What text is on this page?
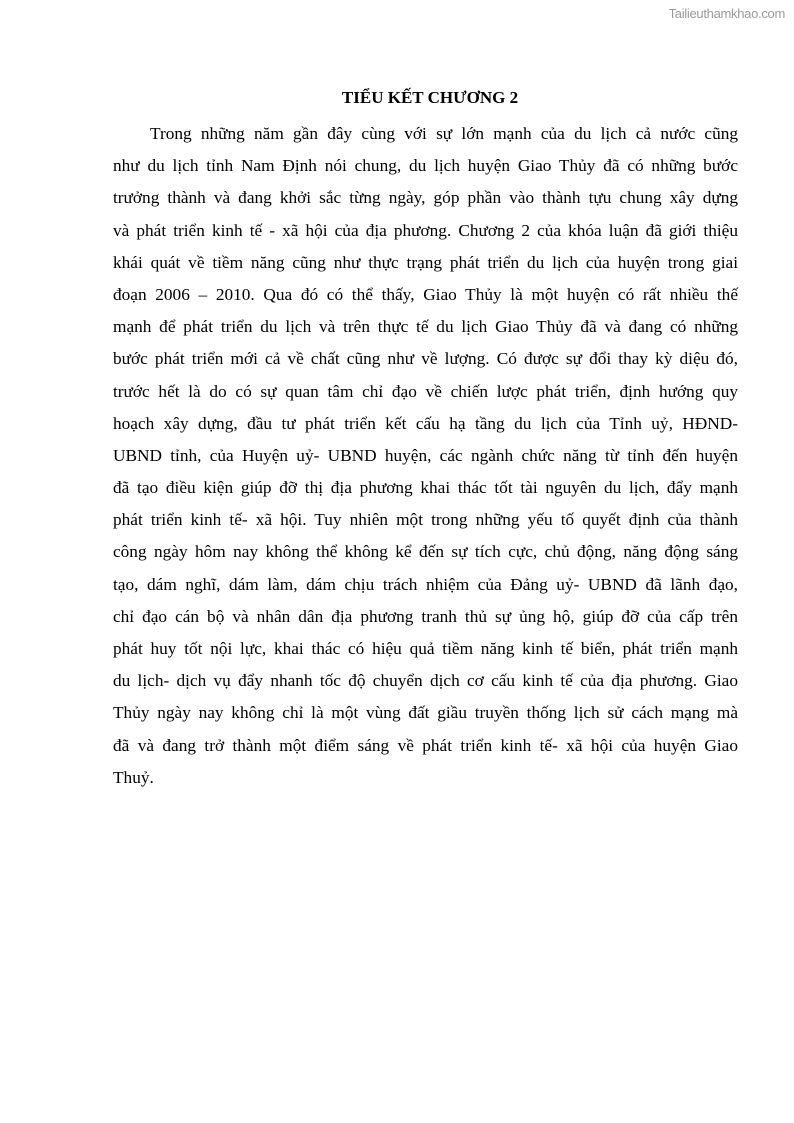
Tailieuthamkhao.com
TIỂU KẾT CHƯƠNG 2
Trong những năm gần đây cùng với sự lớn mạnh của du lịch cả nước cũng
như du lịch tỉnh Nam Định nói chung, du lịch huyện Giao Thủy đã có những bước
trưởng thành và đang khởi sắc từng ngày, góp phần vào thành tựu chung xây dựng
và phát triển kinh tế - xã hội của địa phương. Chương 2 của khóa luận đã giới thiệu
khái quát về tiềm năng cũng như thực trạng phát triển du lịch của huyện trong giai
đoạn 2006 – 2010. Qua đó có thể thấy, Giao Thủy là một huyện có rất nhiều thế
mạnh để phát triển du lịch và trên thực tế du lịch Giao Thủy đã và đang có những
bước phát triển mới cả về chất cũng như về lượng. Có được sự đổi thay kỳ diệu đó,
trước hết là do có sự quan tâm chỉ đạo về chiến lược phát triển, định hướng quy
hoạch xây dựng, đầu tư phát triển kết cấu hạ tầng du lịch của Tỉnh uỷ, HĐND-
UBND tỉnh, của Huyện uỷ- UBND huyện, các ngành chức năng từ tỉnh đến huyện
đã tạo điều kiện giúp đỡ thị địa phương khai thác tốt tài nguyên du lịch, đẩy mạnh
phát triển kinh tế- xã hội. Tuy nhiên một trong những yếu tố quyết định của thành
công ngày hôm nay không thể không kể đến sự tích cực, chủ động, năng động sáng
tạo, dám nghĩ, dám làm, dám chịu trách nhiệm của Đảng uỷ- UBND đã lãnh đạo,
chỉ đạo cán bộ và nhân dân địa phương tranh thủ sự ủng hộ, giúp đỡ của cấp trên
phát huy tốt nội lực, khai thác có hiệu quả tiềm năng kinh tế biển, phát triển mạnh
du lịch- dịch vụ đẩy nhanh tốc độ chuyển dịch cơ cấu kinh tế của địa phương. Giao
Thủy ngày nay không chỉ là một vùng đất giầu truyền thống lịch sử cách mạng mà
đã và đang trở thành một điểm sáng về phát triển kinh tế- xã hội của huyện Giao
Thuỷ.
